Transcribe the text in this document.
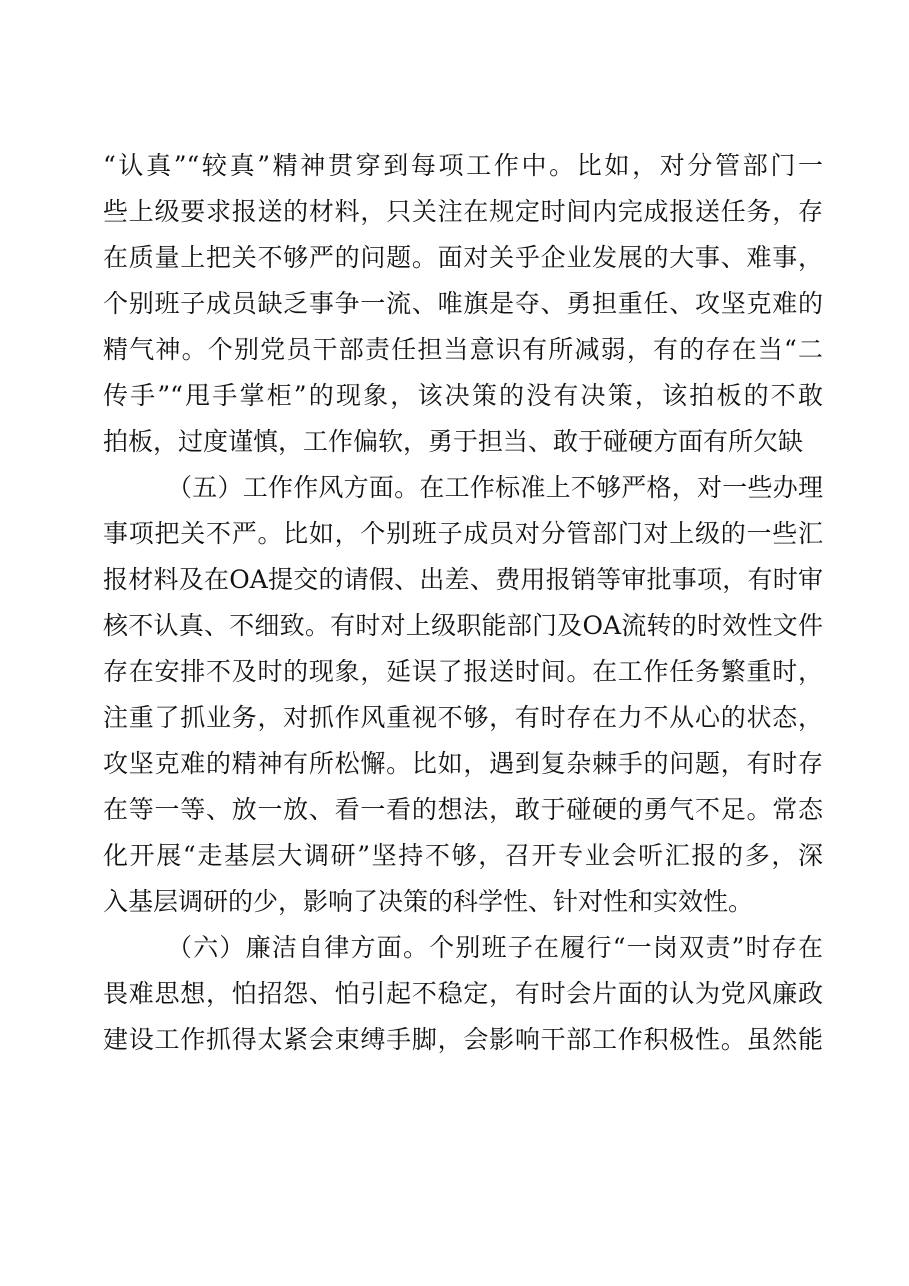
“认真”“较真”精神贯穿到每项工作中。比如，对分管部门一
些上级要求报送的材料，只关注在规定时间内完成报送任务，存
在质量上把关不够严的问题。面对关乎企业发展的大事、难事，
个别班子成员缺乏事争一流、唯旗是夺、勇担重任、攻坚克难的
精气神。个别党员干部责任担当意识有所减弱，有的存在当“二
传手”“甩手掌柜”的现象，该决策的没有决策，该拍板的不敢
拍板，过度谨慎，工作偏软，勇于担当、敢于碰硬方面有所欠缺
（五）工作作风方面。在工作标准上不够严格，对一些办理
事项把关不严。比如，个别班子成员对分管部门对上级的一些汇
报材料及在OA提交的请假、出差、费用报销等审批事项，有时审
核不认真、不细致。有时对上级职能部门及OA流转的时效性文件
存在安排不及时的现象，延误了报送时间。在工作任务繁重时，
注重了抓业务，对抓作风重视不够，有时存在力不从心的状态，
攻坚克难的精神有所松懈。比如，遇到复杂棘手的问题，有时存
在等一等、放一放、看一看的想法，敢于碰硬的勇气不足。常态
化开展“走基层大调研”坚持不够，召开专业会听汇报的多，深
入基层调研的少，影响了决策的科学性、针对性和实效性。
（六）廉洁自律方面。个别班子在履行“一岗双责”时存在
畏难思想，怕招怨、怕引起不稳定，有时会片面的认为党风廉政
建设工作抓得太紧会束缚手脚，会影响干部工作积极性。虽然能
